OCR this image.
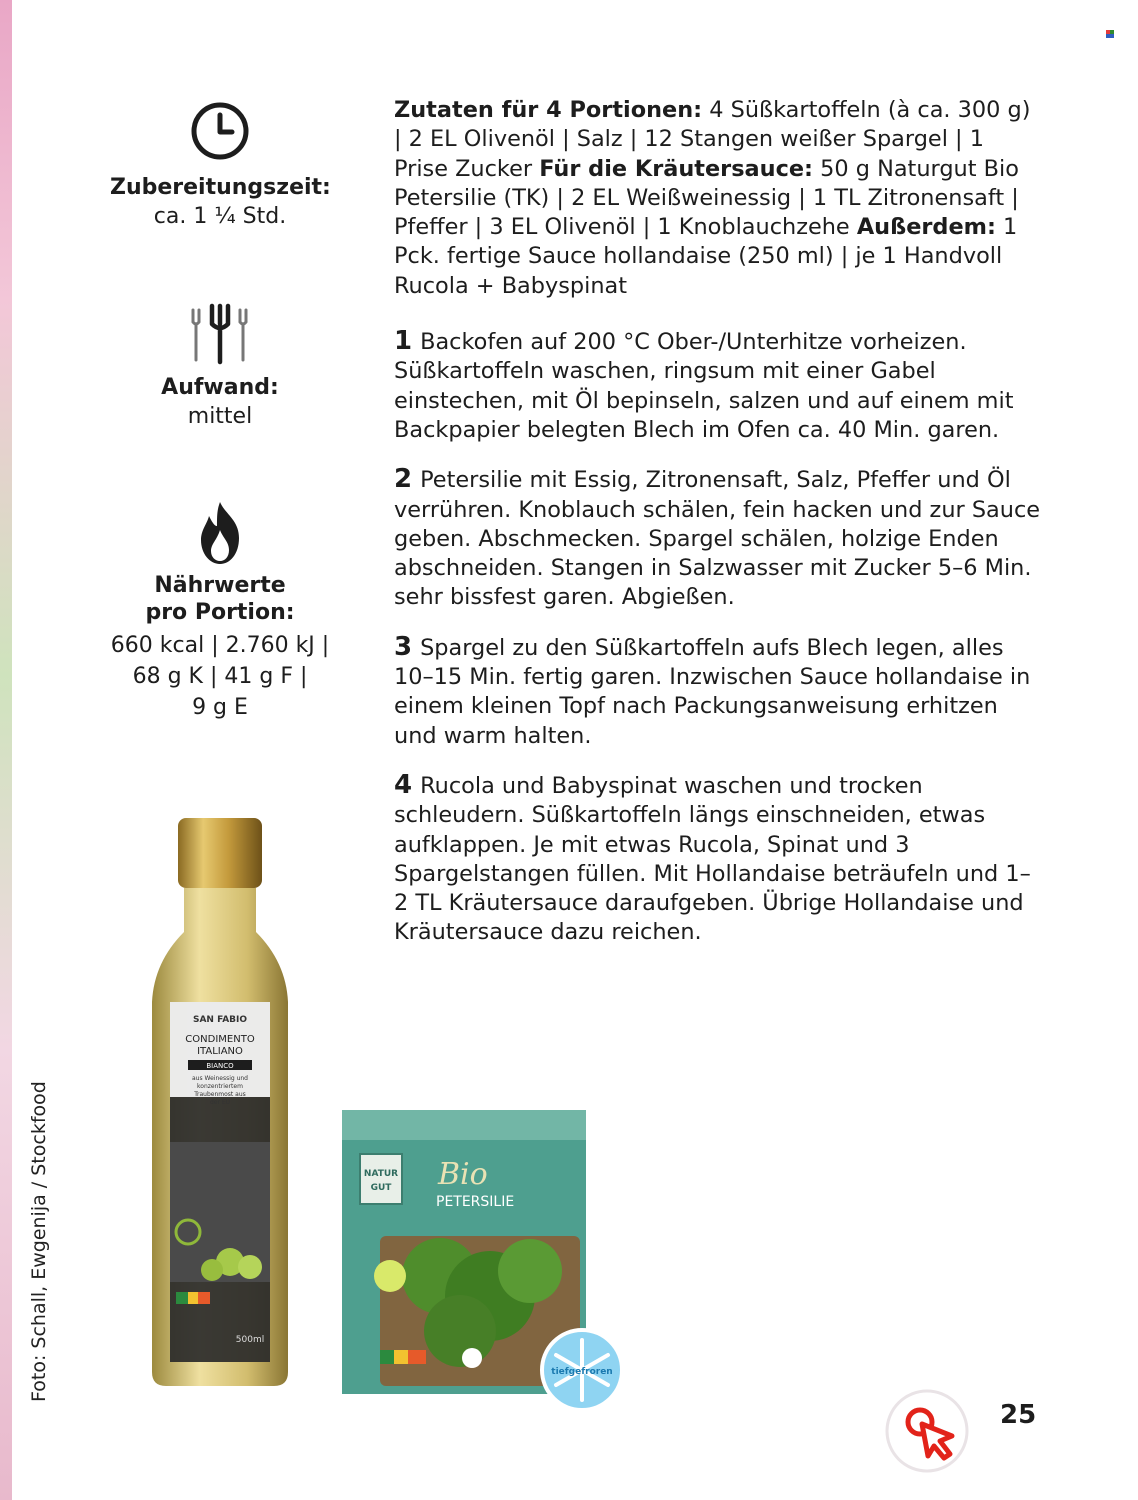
Zubereitungszeit:
ca. 1 ¼ Std.
Aufwand:
mittel
Nährwerte
pro Portion:
660 kcal | 2.760 kJ |
68 g K | 41 g F |
9 g E

Zutaten für 4 Portionen: 4 Süßkartoffeln (à ca. 300 g) | 2 EL Olivenöl | Salz | 12 Stangen weißer Spargel | 1 Prise Zucker Für die Kräutersauce: 50 g Naturgut Bio Petersilie (TK) | 2 EL Weißweinessig | 1 TL Zitronensaft | Pfeffer | 3 EL Olivenöl | 1 Knoblauchzehe Außerdem: 1 Pck. fertige Sauce hollandaise (250 ml) | je 1 Handvoll Rucola + Babyspinat

1 Backofen auf 200 °C Ober-/Unterhitze vorheizen. Süßkartoffeln waschen, ringsum mit einer Gabel einstechen, mit Öl bepinseln, salzen und auf einem mit Backpapier belegten Blech im Ofen ca. 40 Min. garen.

2 Petersilie mit Essig, Zitronensaft, Salz, Pfeffer und Öl verrühren. Knoblauch schälen, fein hacken und zur Sauce geben. Abschmecken. Spargel schälen, holzige Enden abschneiden. Stangen in Salzwasser mit Zucker 5–6 Min. sehr bissfest garen. Abgießen.

3 Spargel zu den Süßkartoffeln aufs Blech legen, alles 10–15 Min. fertig garen. Inzwischen Sauce hollandaise in einem kleinen Topf nach Packungsanweisung erhitzen und warm halten.

4 Rucola und Babyspinat waschen und trocken schleudern. Süßkartoffeln längs einschneiden, etwas aufklappen. Je mit etwas Rucola, Spinat und 3 Spargelstangen füllen. Mit Hollandaise beträufeln und 1–2 TL Kräutersauce daraufgeben. Übrige Hollandaise und Kräutersauce dazu reichen.

SAN FABIO
CONDIMENTO
ITALIANO
BIANCO
aus Weinessig und
konzentriertem
Traubenmost aus
der EU
500ml
NATUR
GUT Bio
PETERSILIE
tiefgefroren
Foto: Schall, Ewgenija / Stockfood
25
